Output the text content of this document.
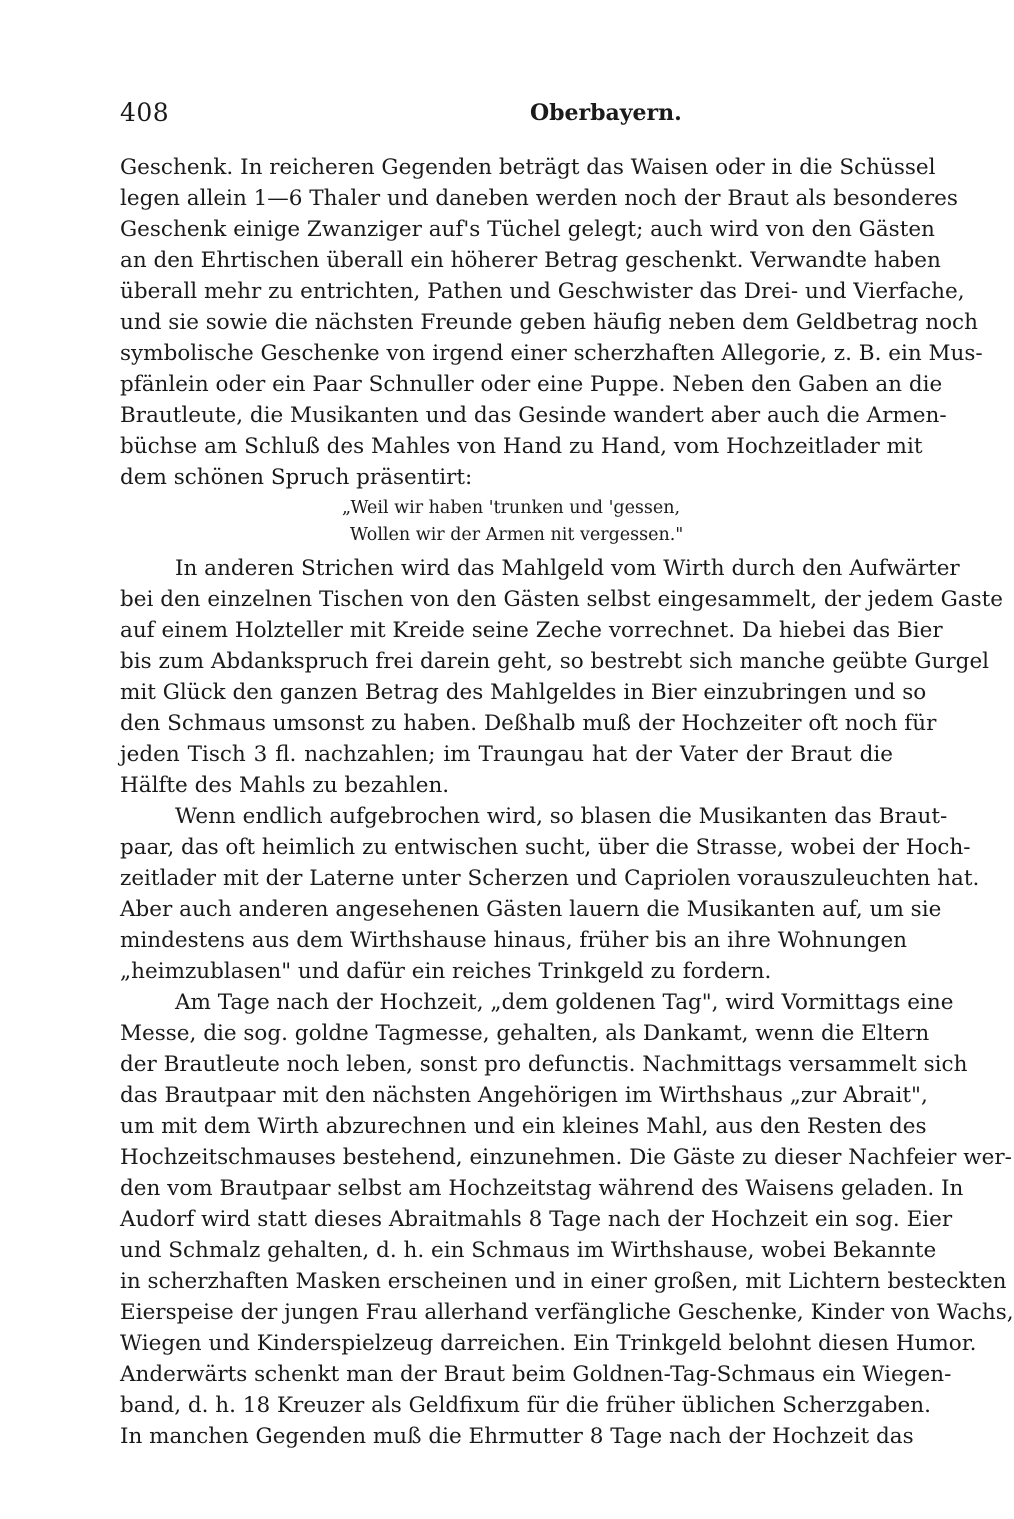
408	Oberbayern.
Geschenk. In reicheren Gegenden beträgt das Waisen oder in die Schüssel
legen allein 1—6 Thaler und daneben werden noch der Braut als besonderes
Geschenk einige Zwanziger auf's Tüchel gelegt; auch wird von den Gästen
an den Ehrtischen überall ein höherer Betrag geschenkt. Verwandte haben
überall mehr zu entrichten, Pathen und Geschwister das Drei- und Vierfache,
und sie sowie die nächsten Freunde geben häufig neben dem Geldbetrag noch
symbolische Geschenke von irgend einer scherzhaften Allegorie, z. B. ein Mus-
pfänlein oder ein Paar Schnuller oder eine Puppe. Neben den Gaben an die
Brautleute, die Musikanten und das Gesinde wandert aber auch die Armen-
büchse am Schluß des Mahles von Hand zu Hand, vom Hochzeitlader mit
dem schönen Spruch präsentirt:
„Weil wir haben 'trunken und 'gessen,
Wollen wir der Armen nit vergessen."
In anderen Strichen wird das Mahlgeld vom Wirth durch den Aufwärter
bei den einzelnen Tischen von den Gästen selbst eingesammelt, der jedem Gaste
auf einem Holzteller mit Kreide seine Zeche vorrechnet. Da hiebei das Bier
bis zum Abdankspruch frei darein geht, so bestrebt sich manche geübte Gurgel
mit Glück den ganzen Betrag des Mahlgeldes in Bier einzubringen und so
den Schmaus umsonst zu haben. Deßhalb muß der Hochzeiter oft noch für
jeden Tisch 3 fl. nachzahlen; im Traungau hat der Vater der Braut die
Hälfte des Mahls zu bezahlen.
Wenn endlich aufgebrochen wird, so blasen die Musikanten das Braut-
paar, das oft heimlich zu entwischen sucht, über die Strasse, wobei der Hoch-
zeitlader mit der Laterne unter Scherzen und Capriolen vorauszuleuchten hat.
Aber auch anderen angesehenen Gästen lauern die Musikanten auf, um sie
mindestens aus dem Wirthshause hinaus, früher bis an ihre Wohnungen
„heimzublasen" und dafür ein reiches Trinkgeld zu fordern.
Am Tage nach der Hochzeit, „dem goldenen Tag", wird Vormittags eine
Messe, die sog. goldne Tagmesse, gehalten, als Dankamt, wenn die Eltern
der Brautleute noch leben, sonst pro defunctis. Nachmittags versammelt sich
das Brautpaar mit den nächsten Angehörigen im Wirthshaus „zur Abrait",
um mit dem Wirth abzurechnen und ein kleines Mahl, aus den Resten des
Hochzeitschmauses bestehend, einzunehmen. Die Gäste zu dieser Nachfeier wer-
den vom Brautpaar selbst am Hochzeitstag während des Waisens geladen. In
Audorf wird statt dieses Abraitmahls 8 Tage nach der Hochzeit ein sog. Eier
und Schmalz gehalten, d. h. ein Schmaus im Wirthshause, wobei Bekannte
in scherzhaften Masken erscheinen und in einer großen, mit Lichtern besteckten
Eierspeise der jungen Frau allerhand verfängliche Geschenke, Kinder von Wachs,
Wiegen und Kinderspielzeug darreichen. Ein Trinkgeld belohnt diesen Humor.
Anderwärts schenkt man der Braut beim Goldnen-Tag-Schmaus ein Wiegen-
band, d. h. 18 Kreuzer als Geldfixum für die früher üblichen Scherzgaben.
In manchen Gegenden muß die Ehrmutter 8 Tage nach der Hochzeit das
